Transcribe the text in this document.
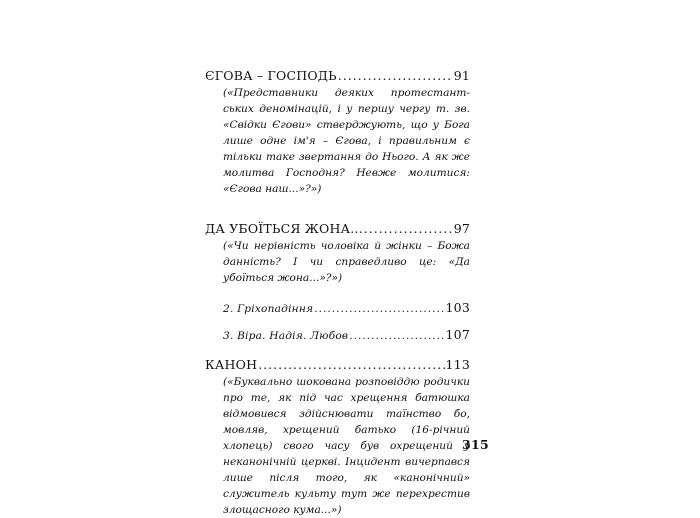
ЄГОВА – ГОСПОДЬ .....	91
(«Представники деяких протестант-ських деномінацій, і у першу чергу т. зв. «Свідки Єгови» стверджують, що у Бога лише одне ім'я – Єгова, і правильним є тільки таке звертання до Нього. А як же молитва Господня? Невже молитися: «Єгова наш...»?»)
ДА УБОЇТЬСЯ ЖОНА... .....	97
(«Чи нерівність чоловіка й жінки – Божа данність? І чи справедливо це: «Да убоїться жона...»?»)
2. Гріхопадіння .....	103
3. Віра. Надія. Любов .....	107
КАНОН .....	113
(«Буквально шокована розповіддю родички про те, як під час хрещення батюшка відмовився здійснювати таїнство бо, мовляв, хрещений батько (16-річний хлопець) свого часу був охрещений у неканонічній церкві. Інцидент вичерпався лише після того, як «канонічний» служитель культу тут же перехрестив злощасного кума...»)
315
